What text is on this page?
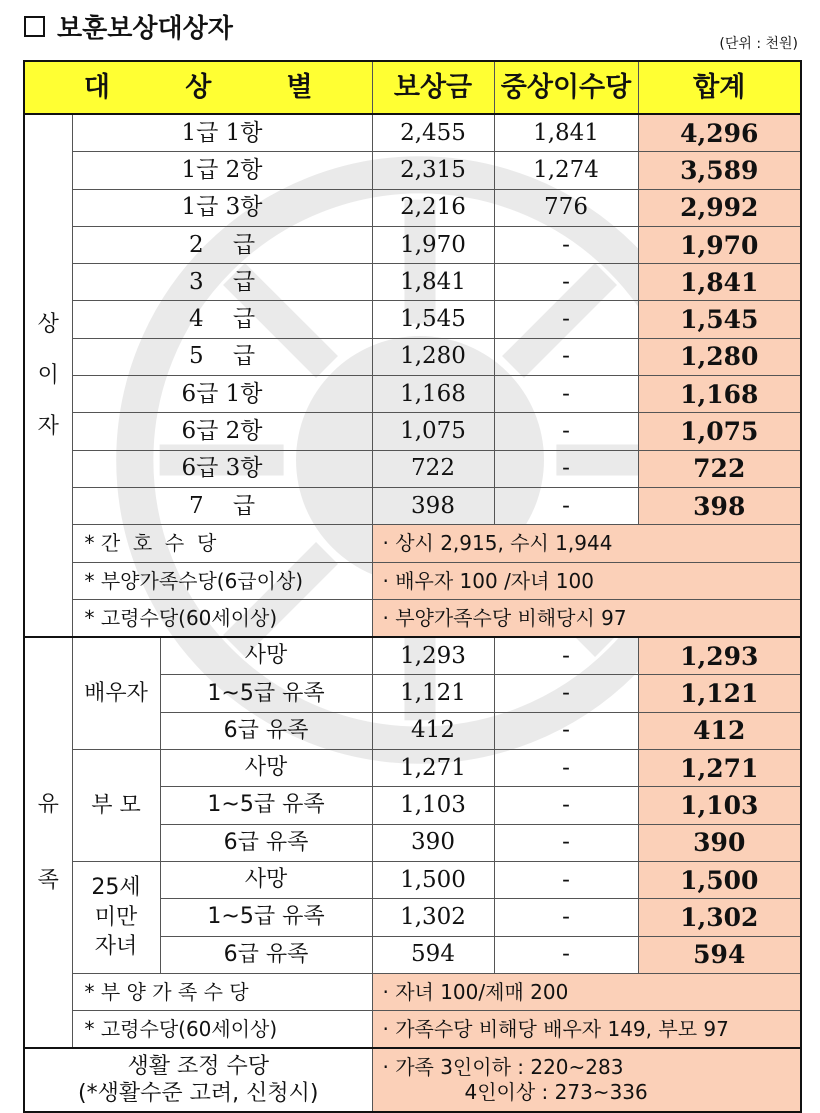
보훈보상대상자	(단위 : 천원)
대        상        별			보상금	중상이수당	합계
상

이

자	1급 1항		2,455	1,841	4,296
	1급 2항		2,315	1,274	3,589
	1급 3항		2,216	776	2,992
	2    급		1,970	-	1,970
	3    급		1,841	-	1,841
	4    급		1,545	-	1,545
	5    급		1,280	-	1,280
	6급 1항		1,168	-	1,168
	6급 2항		1,075	-	1,075
	6급 3항		722	-	722
	7    급		398	-	398
	* 간  호  수  당		· 상시 2,915, 수시 1,944		
	* 부양가족수당(6급이상)		· 배우자 100 /자녀 100		
	* 고령수당(60세이상)		· 부양가족수당 비해당시 97		
유

족	배우자	사망	1,293	-	1,293
		1~5급 유족	1,121	-	1,121
		6급 유족	412	-	412
	부 모	사망	1,271	-	1,271
		1~5급 유족	1,103	-	1,103
		6급 유족	390	-	390
	25세
미만
자녀	사망	1,500	-	1,500
		1~5급 유족	1,302	-	1,302
		6급 유족	594	-	594
	* 부 양 가 족 수 당		· 자녀 100/제매 200		
	* 고령수당(60세이상)		· 가족수당 비해당 배우자 149, 부모 97		

생활 조정 수당
(*생활수준 고려, 신청시)			· 가족 3인이하 : 220~283
4인이상 : 273~336		
